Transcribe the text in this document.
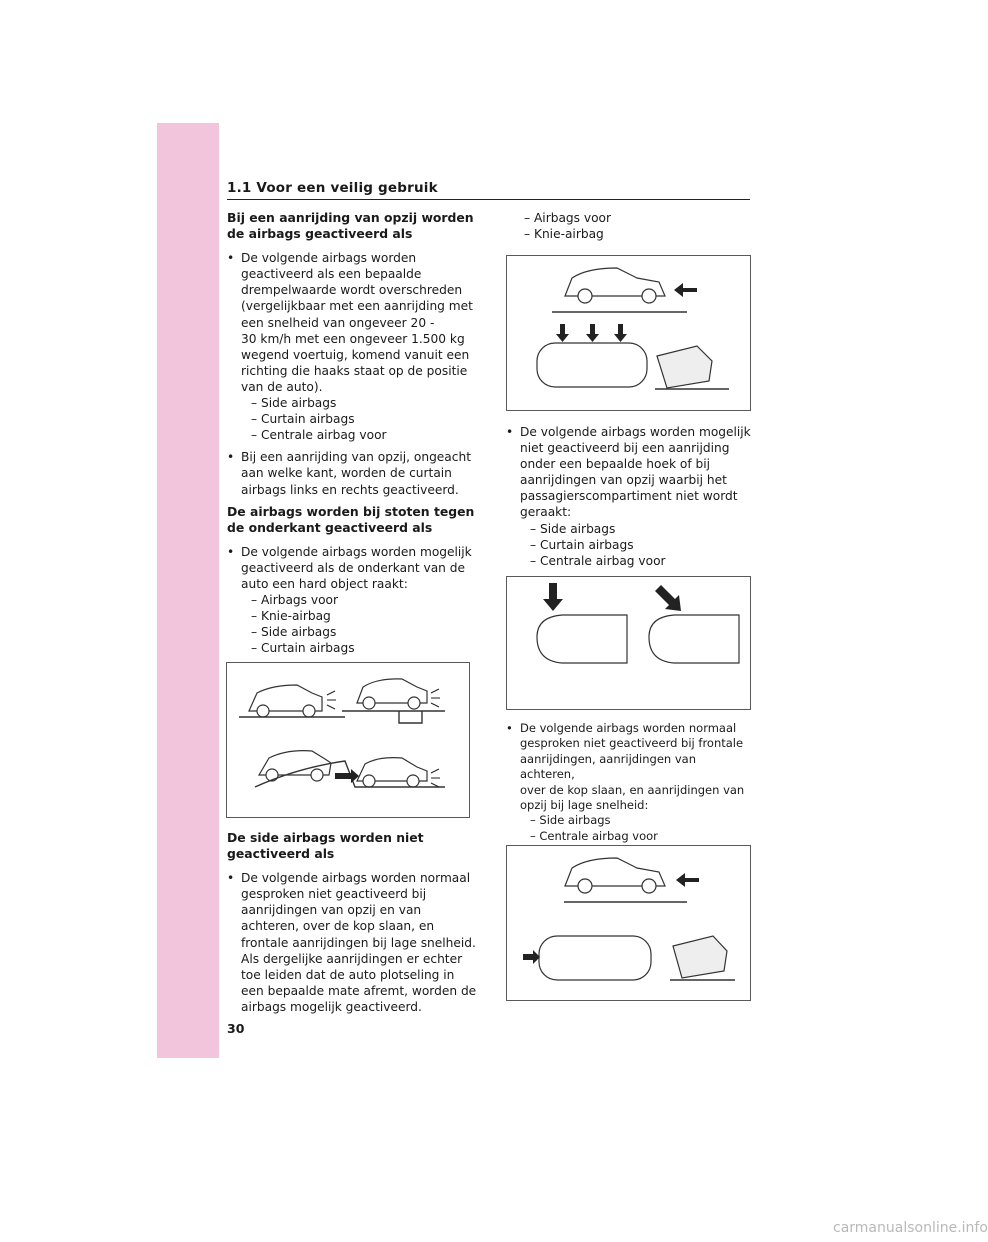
1.1 Voor een veilig gebruik
Bij een aanrijding van opzij worden de airbags geactiveerd als
• De volgende airbags worden
geactiveerd als een bepaalde
drempelwaarde wordt overschreden
(vergelijkbaar met een aanrijding met
een snelheid van ongeveer 20 -
30 km/h met een ongeveer 1.500 kg
wegend voertuig, komend vanuit een
richting die haaks staat op de positie
van de auto).
– Side airbags
– Curtain airbags
– Centrale airbag voor
• Bij een aanrijding van opzij, ongeacht
aan welke kant, worden de curtain
airbags links en rechts geactiveerd.
De airbags worden bij stoten tegen de onderkant geactiveerd als
• De volgende airbags worden mogelijk
geactiveerd als de onderkant van de
auto een hard object raakt:
– Airbags voor
– Knie-airbag
– Side airbags
– Curtain airbags
De side airbags worden niet geactiveerd als
• De volgende airbags worden normaal
gesproken niet geactiveerd bij
aanrijdingen van opzij en van
achteren, over de kop slaan, en
frontale aanrijdingen bij lage snelheid.
Als dergelijke aanrijdingen er echter
toe leiden dat de auto plotseling in
een bepaalde mate afremt, worden de
airbags mogelijk geactiveerd.
30
– Airbags voor
– Knie-airbag
• De volgende airbags worden mogelijk
niet geactiveerd bij een aanrijding
onder een bepaalde hoek of bij
aanrijdingen van opzij waarbij het
passagierscompartiment niet wordt
geraakt:
– Side airbags
– Curtain airbags
– Centrale airbag voor
• De volgende airbags worden normaal
gesproken niet geactiveerd bij frontale
aanrijdingen, aanrijdingen van achteren,
over de kop slaan, en aanrijdingen van
opzij bij lage snelheid:
– Side airbags
– Centrale airbag voor
carmanualsonline.info
